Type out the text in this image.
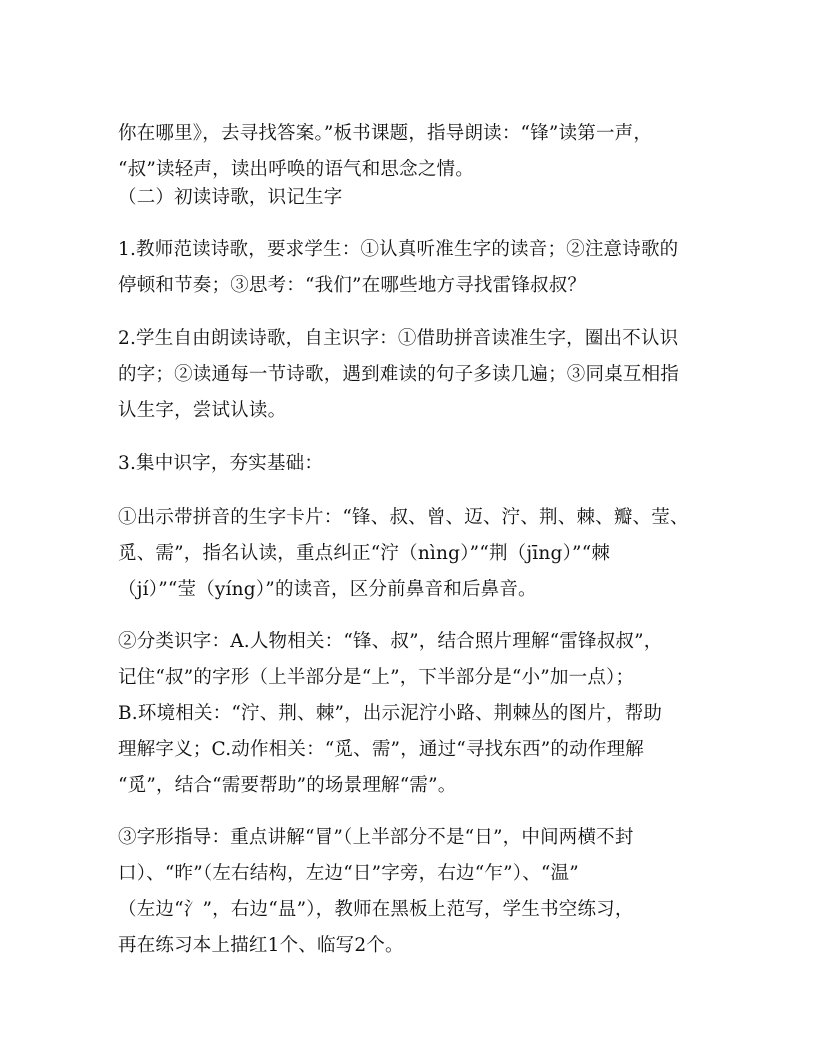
你在哪里》，去寻找答案。”板书课题，指导朗读：“锋”读第一声，
“叔”读轻声，读出呼唤的语气和思念之情。
（二）初读诗歌，识记生字
1.教师范读诗歌，要求学生：①认真听准生字的读音；②注意诗歌的
停顿和节奏；③思考：“我们”在哪些地方寻找雷锋叔叔？
2.学生自由朗读诗歌，自主识字：①借助拼音读准生字，圈出不认识
的字；②读通每一节诗歌，遇到难读的句子多读几遍；③同桌互相指
认生字，尝试认读。
3.集中识字，夯实基础：
①出示带拼音的生字卡片：“锋、叔、曾、迈、泞、荆、棘、瓣、莹、
觅、需”，指名认读，重点纠正“泞（nìng）”“荆（jīng）”“棘
（jí）”“莹（yíng）”的读音，区分前鼻音和后鼻音。
②分类识字：A.人物相关：“锋、叔”，结合照片理解“雷锋叔叔”，
记住“叔”的字形（上半部分是“上”，下半部分是“小”加一点）；
B.环境相关：“泞、荆、棘”，出示泥泞小路、荆棘丛的图片，帮助
理解字义；C.动作相关：“觅、需”，通过“寻找东西”的动作理解
“觅”，结合“需要帮助”的场景理解“需”。
③字形指导：重点讲解“冒”（上半部分不是“日”，中间两横不封
口）、“昨”（左右结构，左边“日”字旁，右边“乍”）、“温”
（左边“氵”，右边“昷”），教师在黑板上范写，学生书空练习，
再在练习本上描红1个、临写2个。
